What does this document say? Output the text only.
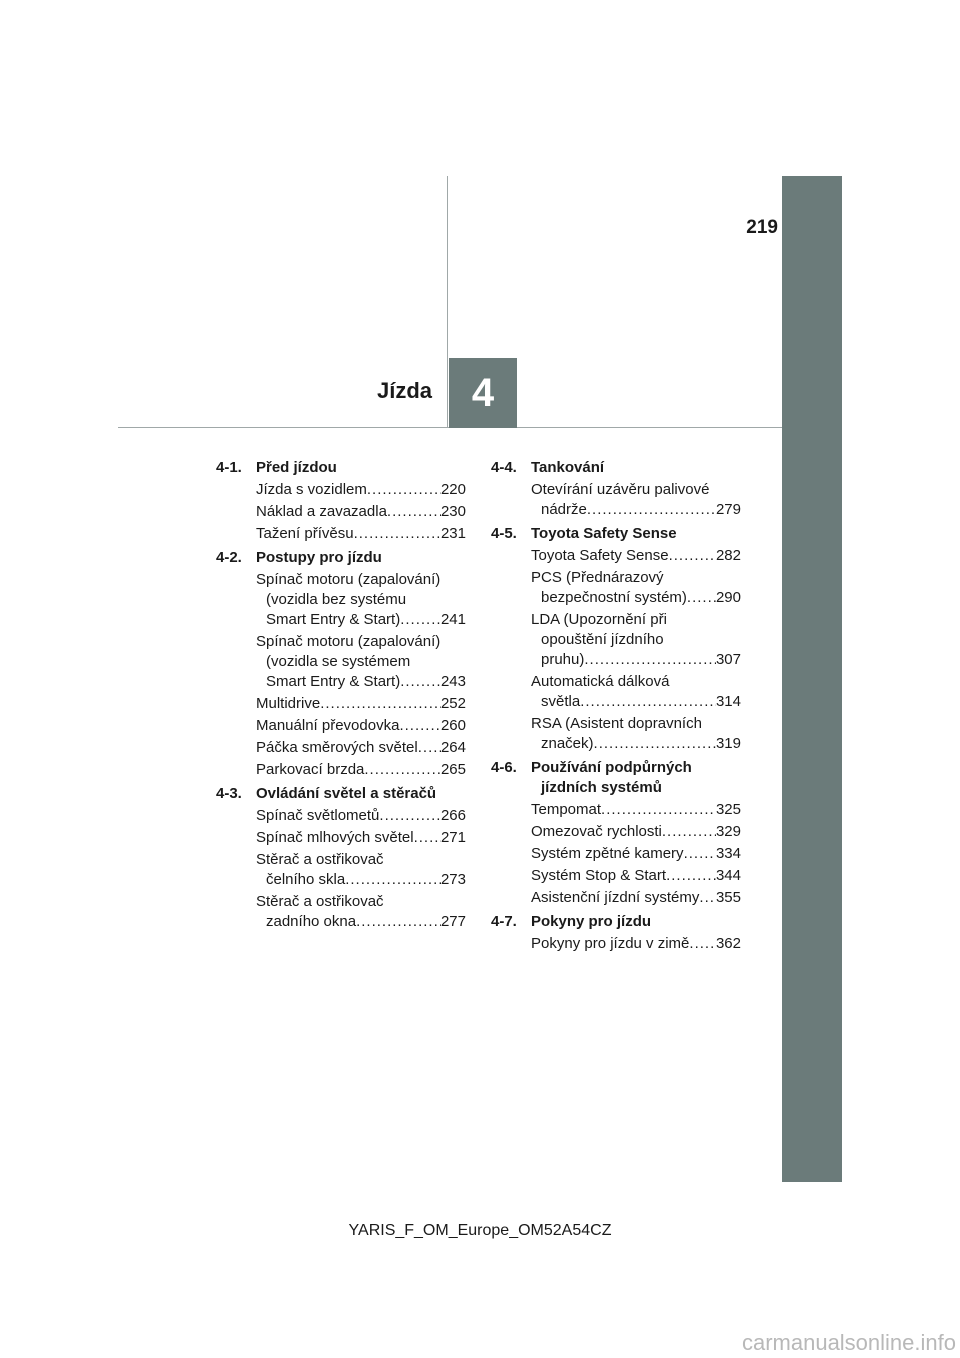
219
4
Jízda
4-1. Před jízdou
Jízda s vozidlem .....	220
Náklad a zavazadla .....	230
Tažení přívěsu .....	231
4-2. Postupy pro jízdu
Spínač motoru (zapalování)
(vozidla bez systému
Smart Entry & Start) .....	241
Spínač motoru (zapalování)
(vozidla se systémem
Smart Entry & Start) .....	243
Multidrive .....	252
Manuální převodovka .....	260
Páčka směrových světel ..... 264
Parkovací brzda .....	265
4-3. Ovládání světel a stěračů
Spínač světlometů .....	266
Spínač mlhových světel ..... 271
Stěrač a ostřikovač
čelního skla .....	273
Stěrač a ostřikovač
zadního okna .....	277
4-4. Tankování
Otevírání uzávěru palivové
nádrže .....	279
4-5. Toyota Safety Sense
Toyota Safety Sense .....	282
PCS (Přednárazový
bezpečnostní systém) ..... 290
LDA (Upozornění při
opouštění jízdního
pruhu) .....	307
Automatická dálková
světla .....	314
RSA (Asistent dopravních
značek) .....	319
4-6. Používání podpůrných
jízdních systémů
Tempomat .....	325
Omezovač rychlosti .....	329
Systém zpětné kamery ..... 334
Systém Stop & Start .....	344
Asistenční jízdní systémy ..... 355
4-7. Pokyny pro jízdu
Pokyny pro jízdu v zimě ..... 362
YARIS_F_OM_Europe_OM52A54CZ
carmanualsonline.info
